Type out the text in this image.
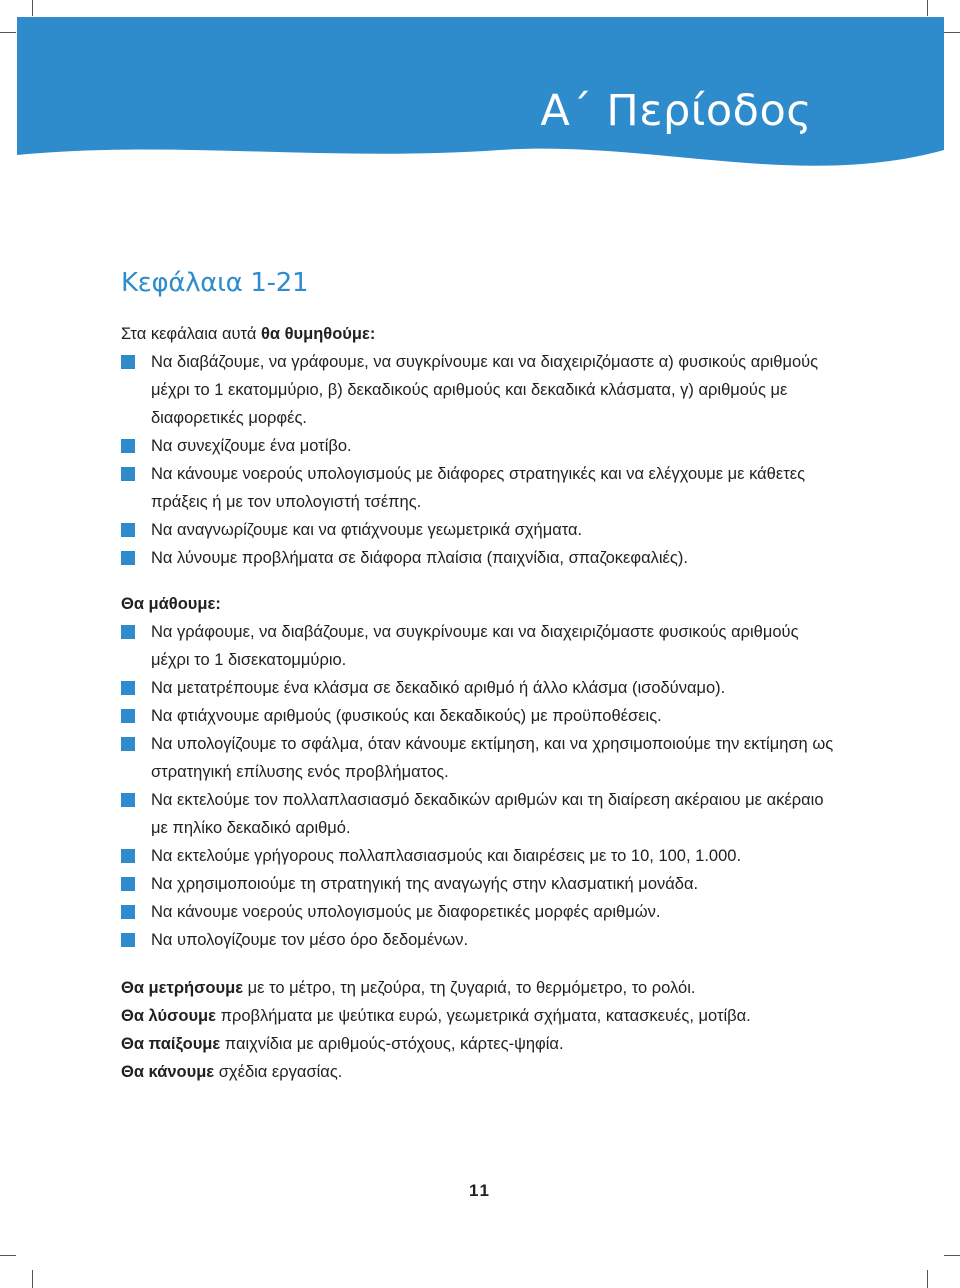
Α΄ Περίοδος
Κεφάλαια 1-21

Στα κεφάλαια αυτά θα θυμηθούμε:

Να διαβάζουμε, να γράφουμε, να συγκρίνουμε και να διαχειριζόμαστε α) φυσικούς αριθμούς μέχρι το 1 εκατομμύριο, β) δεκαδικούς αριθμούς και δεκαδικά κλάσματα, γ) αριθμούς με διαφορετικές μορφές.
Να συνεχίζουμε ένα μοτίβο.
Να κάνουμε νοερούς υπολογισμούς με διάφορες στρατηγικές και να ελέγχουμε με κάθετες πράξεις ή με τον υπολογιστή τσέπης.
Να αναγνωρίζουμε και να φτιάχνουμε γεωμετρικά σχήματα.
Να λύνουμε προβλήματα σε διάφορα πλαίσια (παιχνίδια, σπαζοκεφαλιές).

Θα μάθουμε:

Να γράφουμε, να διαβάζουμε, να συγκρίνουμε και να διαχειριζόμαστε φυσικούς αριθμούς μέχρι το 1 δισεκατομμύριο.
Να μετατρέπουμε ένα κλάσμα σε δεκαδικό αριθμό ή άλλο κλάσμα (ισοδύναμο).
Να φτιάχνουμε αριθμούς (φυσικούς και δεκαδικούς) με προϋποθέσεις.
Να υπολογίζουμε το σφάλμα, όταν κάνουμε εκτίμηση, και να χρησιμοποιούμε την εκτίμηση ως στρατηγική επίλυσης ενός προβλήματος.
Να εκτελούμε τον πολλαπλασιασμό δεκαδικών αριθμών και τη διαίρεση ακέραιου με ακέραιο με πηλίκο δεκαδικό αριθμό.
Να εκτελούμε γρήγορους πολλαπλασιασμούς και διαιρέσεις με το 10, 100, 1.000.
Να χρησιμοποιούμε τη στρατηγική της αναγωγής στην κλασματική μονάδα.
Να κάνουμε νοερούς υπολογισμούς με διαφορετικές μορφές αριθμών.
Να υπολογίζουμε τον μέσο όρο δεδομένων.

Θα μετρήσουμε με το μέτρο, τη μεζούρα, τη ζυγαριά, το θερμόμετρο, το ρολόι.

Θα λύσουμε προβλήματα με ψεύτικα ευρώ, γεωμετρικά σχήματα, κατασκευές, μοτίβα.

Θα παίξουμε παιχνίδια με αριθμούς-στόχους, κάρτες-ψηφία.

Θα κάνουμε σχέδια εργασίας.

11
